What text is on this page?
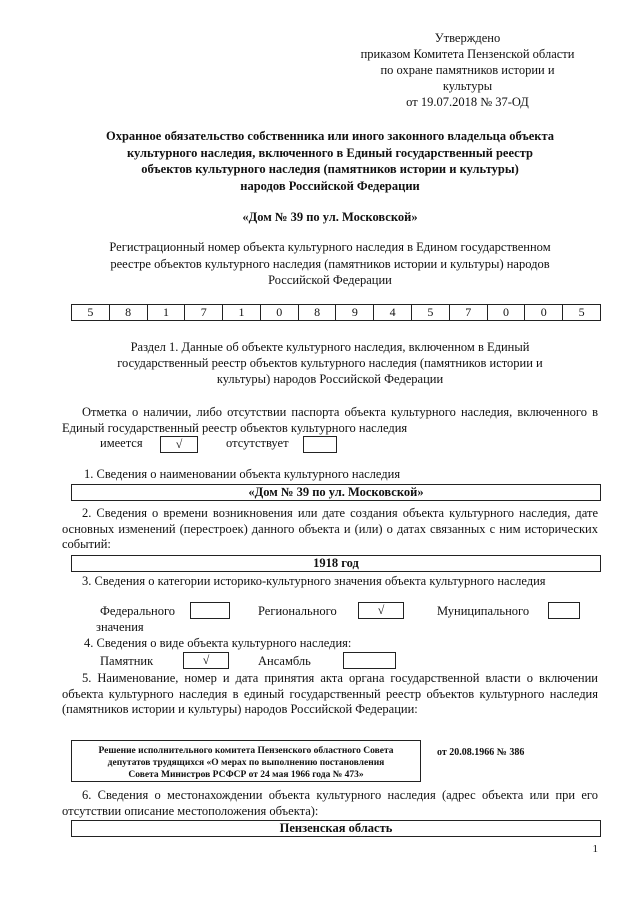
Утверждено
приказом Комитета Пензенской области
по охране памятников истории и
культуры
от 19.07.2018 № 37-ОД
Охранное обязательство собственника или иного законного владельца объекта
культурного наследия, включенного в Единый государственный реестр
объектов культурного наследия (памятников истории и культуры)
народов Российской Федерации
«Дом № 39 по ул. Московской»
Регистрационный номер объекта культурного наследия в Едином государственном
реестре объектов культурного наследия (памятников истории и культуры) народов
Российской Федерации
5	8	1	7	1	0	8	9	4	5	7	0	0	5
Раздел 1. Данные об объекте культурного наследия, включенном в Единый
государственный реестр объектов культурного наследия (памятников истории и
культуры) народов Российской Федерации
Отметка о наличии, либо отсутствии паспорта объекта культурного наследия, включенного в Единый государственный реестр объектов культурного наследия
имеется	√	отсутствует
1. Сведения о наименовании объекта культурного наследия
«Дом № 39 по ул. Московской»
2. Сведения о времени возникновения или дате создания объекта культурного наследия, дате основных изменений (перестроек) данного объекта и (или) о датах связанных с ним исторических событий:
1918 год
3. Сведения о категории историко-культурного значения объекта культурного наследия
Федерального	Регионального	√	Муниципального
значения
4. Сведения о виде объекта культурного наследия:
Памятник	√	Ансамбль
5. Наименование, номер и дата принятия акта органа государственной власти о включении объекта культурного наследия в единый государственный реестр объектов культурного наследия (памятников истории и культуры) народов Российской Федерации:
Решение исполнительного комитета Пензенского областного Совета
депутатов трудящихся «О мерах по выполнению постановления
Совета Министров РСФСР от 24 мая 1966 года № 473»
от 20.08.1966 № 386
6. Сведения о местонахождении объекта культурного наследия (адрес объекта или при его отсутствии описание местоположения объекта):
Пензенская область
1
